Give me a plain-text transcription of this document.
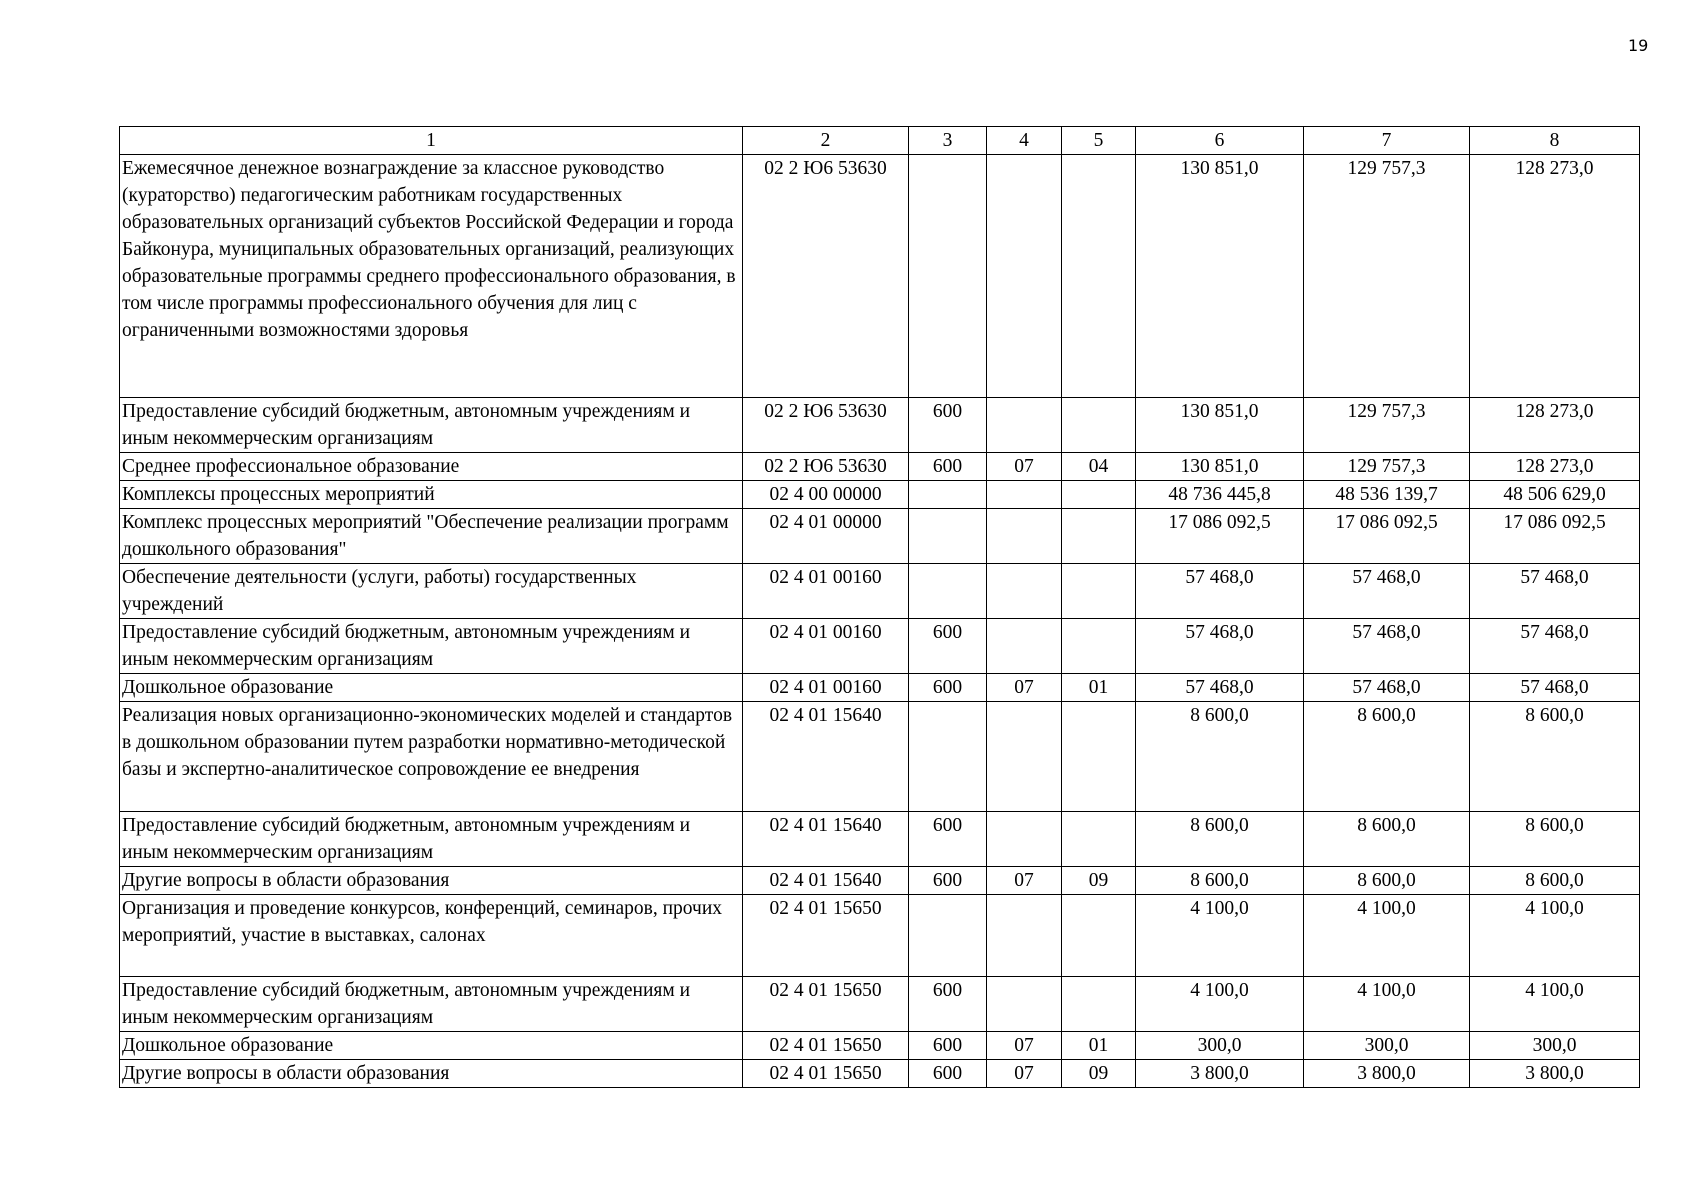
19
1	2	3	4	5	6	7	8
Ежемесячное денежное вознаграждение за классное руководство (кураторство) педагогическим работникам государственных образовательных организаций субъектов Российской Федерации и города Байконура, муниципальных образовательных организаций, реализующих образовательные программы среднего профессионального образования, в том числе программы профессионального обучения для лиц с ограниченными возможностями здоровья	02 2 Ю6 53630				130 851,0	129 757,3	128 273,0
Предоставление субсидий бюджетным, автономным учреждениям и иным некоммерческим организациям	02 2 Ю6 53630	600			130 851,0	129 757,3	128 273,0
Среднее профессиональное образование	02 2 Ю6 53630	600	07	04	130 851,0	129 757,3	128 273,0
Комплексы процессных мероприятий	02 4 00 00000				48 736 445,8	48 536 139,7	48 506 629,0
Комплекс процессных мероприятий "Обеспечение реализации программ дошкольного образования"	02 4 01 00000				17 086 092,5	17 086 092,5	17 086 092,5
Обеспечение деятельности (услуги, работы) государственных учреждений	02 4 01 00160				57 468,0	57 468,0	57 468,0
Предоставление субсидий бюджетным, автономным учреждениям и иным некоммерческим организациям	02 4 01 00160	600			57 468,0	57 468,0	57 468,0
Дошкольное образование	02 4 01 00160	600	07	01	57 468,0	57 468,0	57 468,0
Реализация новых организационно-экономических моделей и стандартов в дошкольном образовании путем разработки нормативно-методической базы и экспертно-аналитическое сопровождение ее внедрения	02 4 01 15640				8 600,0	8 600,0	8 600,0
Предоставление субсидий бюджетным, автономным учреждениям и иным некоммерческим организациям	02 4 01 15640	600			8 600,0	8 600,0	8 600,0
Другие вопросы в области образования	02 4 01 15640	600	07	09	8 600,0	8 600,0	8 600,0
Организация и проведение конкурсов, конференций, семинаров, прочих мероприятий, участие в выставках, салонах	02 4 01 15650				4 100,0	4 100,0	4 100,0
Предоставление субсидий бюджетным, автономным учреждениям и иным некоммерческим организациям	02 4 01 15650	600			4 100,0	4 100,0	4 100,0
Дошкольное образование	02 4 01 15650	600	07	01	300,0	300,0	300,0
Другие вопросы в области образования	02 4 01 15650	600	07	09	3 800,0	3 800,0	3 800,0
